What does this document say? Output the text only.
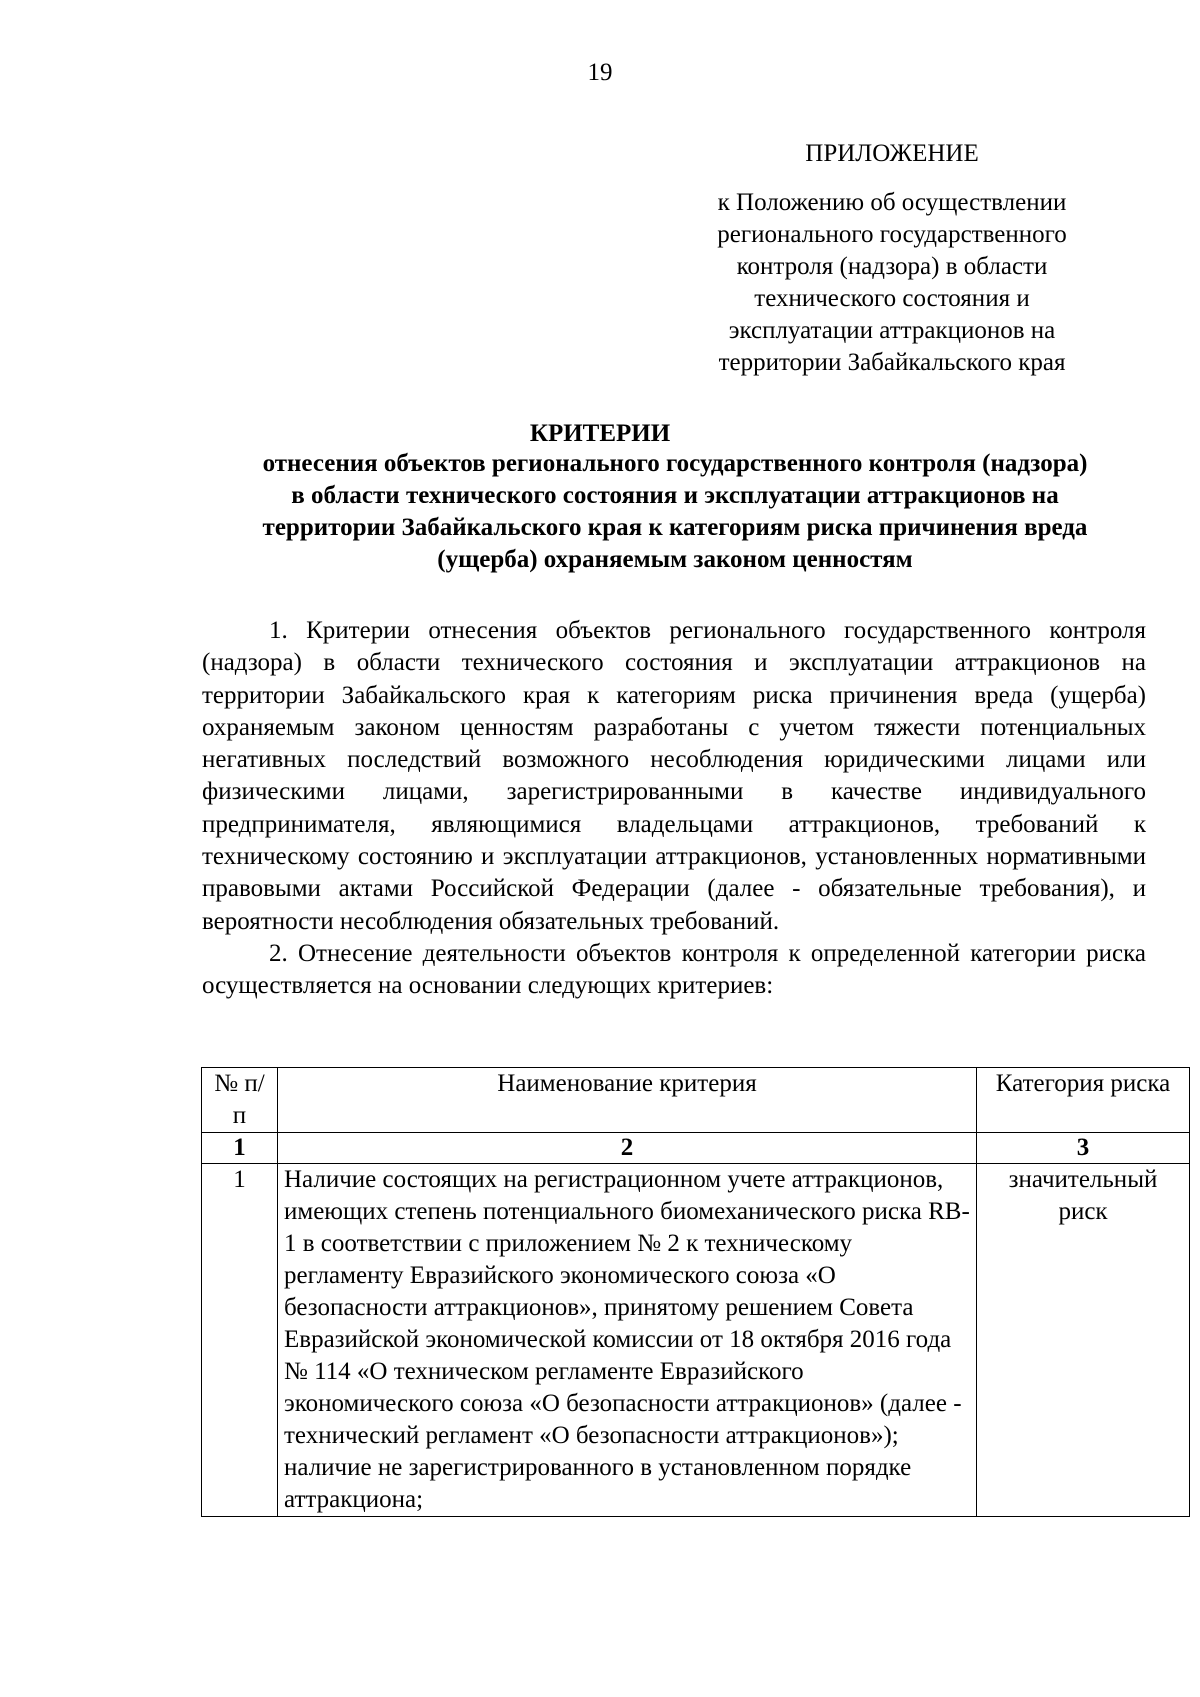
19
ПРИЛОЖЕНИЕ
к Положению об осуществлении
регионального государственного
контроля (надзора) в области
технического состояния и
эксплуатации аттракционов на
территории Забайкальского края
КРИТЕРИИ
отнесения объектов регионального государственного контроля (надзора)
в области технического состояния и эксплуатации аттракционов на
территории Забайкальского края к категориям риска причинения вреда
(ущерба) охраняемым законом ценностям

1. Критерии отнесения объектов регионального государственного контроля (надзора) в области технического состояния и эксплуатации аттракционов на территории Забайкальского края к категориям риска причинения вреда (ущерба) охраняемым законом ценностям разработаны с учетом тяжести потенциальных негативных последствий возможного несоблюдения юридическими лицами или физическими лицами, зарегистрированными в качестве индивидуального предпринимателя, являющимися владельцами аттракционов, требований к техническому состоянию и эксплуатации аттракционов, установленных нормативными правовыми актами Российской Федерации (далее - обязательные требования), и вероятности несоблюдения обязательных требований.

2. Отнесение деятельности объектов контроля к определенной категории риска осуществляется на основании следующих критериев:

№ п/п	Наименование критерия	Категория риска
1	2	3
1	Наличие состоящих на регистрационном учете аттракционов, имеющих степень потенциального биомеханического риска RB-1 в соответствии с приложением № 2 к техническому регламенту Евразийского экономического союза «О безопасности аттракционов», принятому решением Совета Евразийской экономической комиссии от 18 октября 2016 года № 114 «О техническом регламенте Евразийского экономического союза «О безопасности аттракционов» (далее - технический регламент «О безопасности аттракционов»); наличие не зарегистрированного в установленном порядке аттракциона;	значительный риск
